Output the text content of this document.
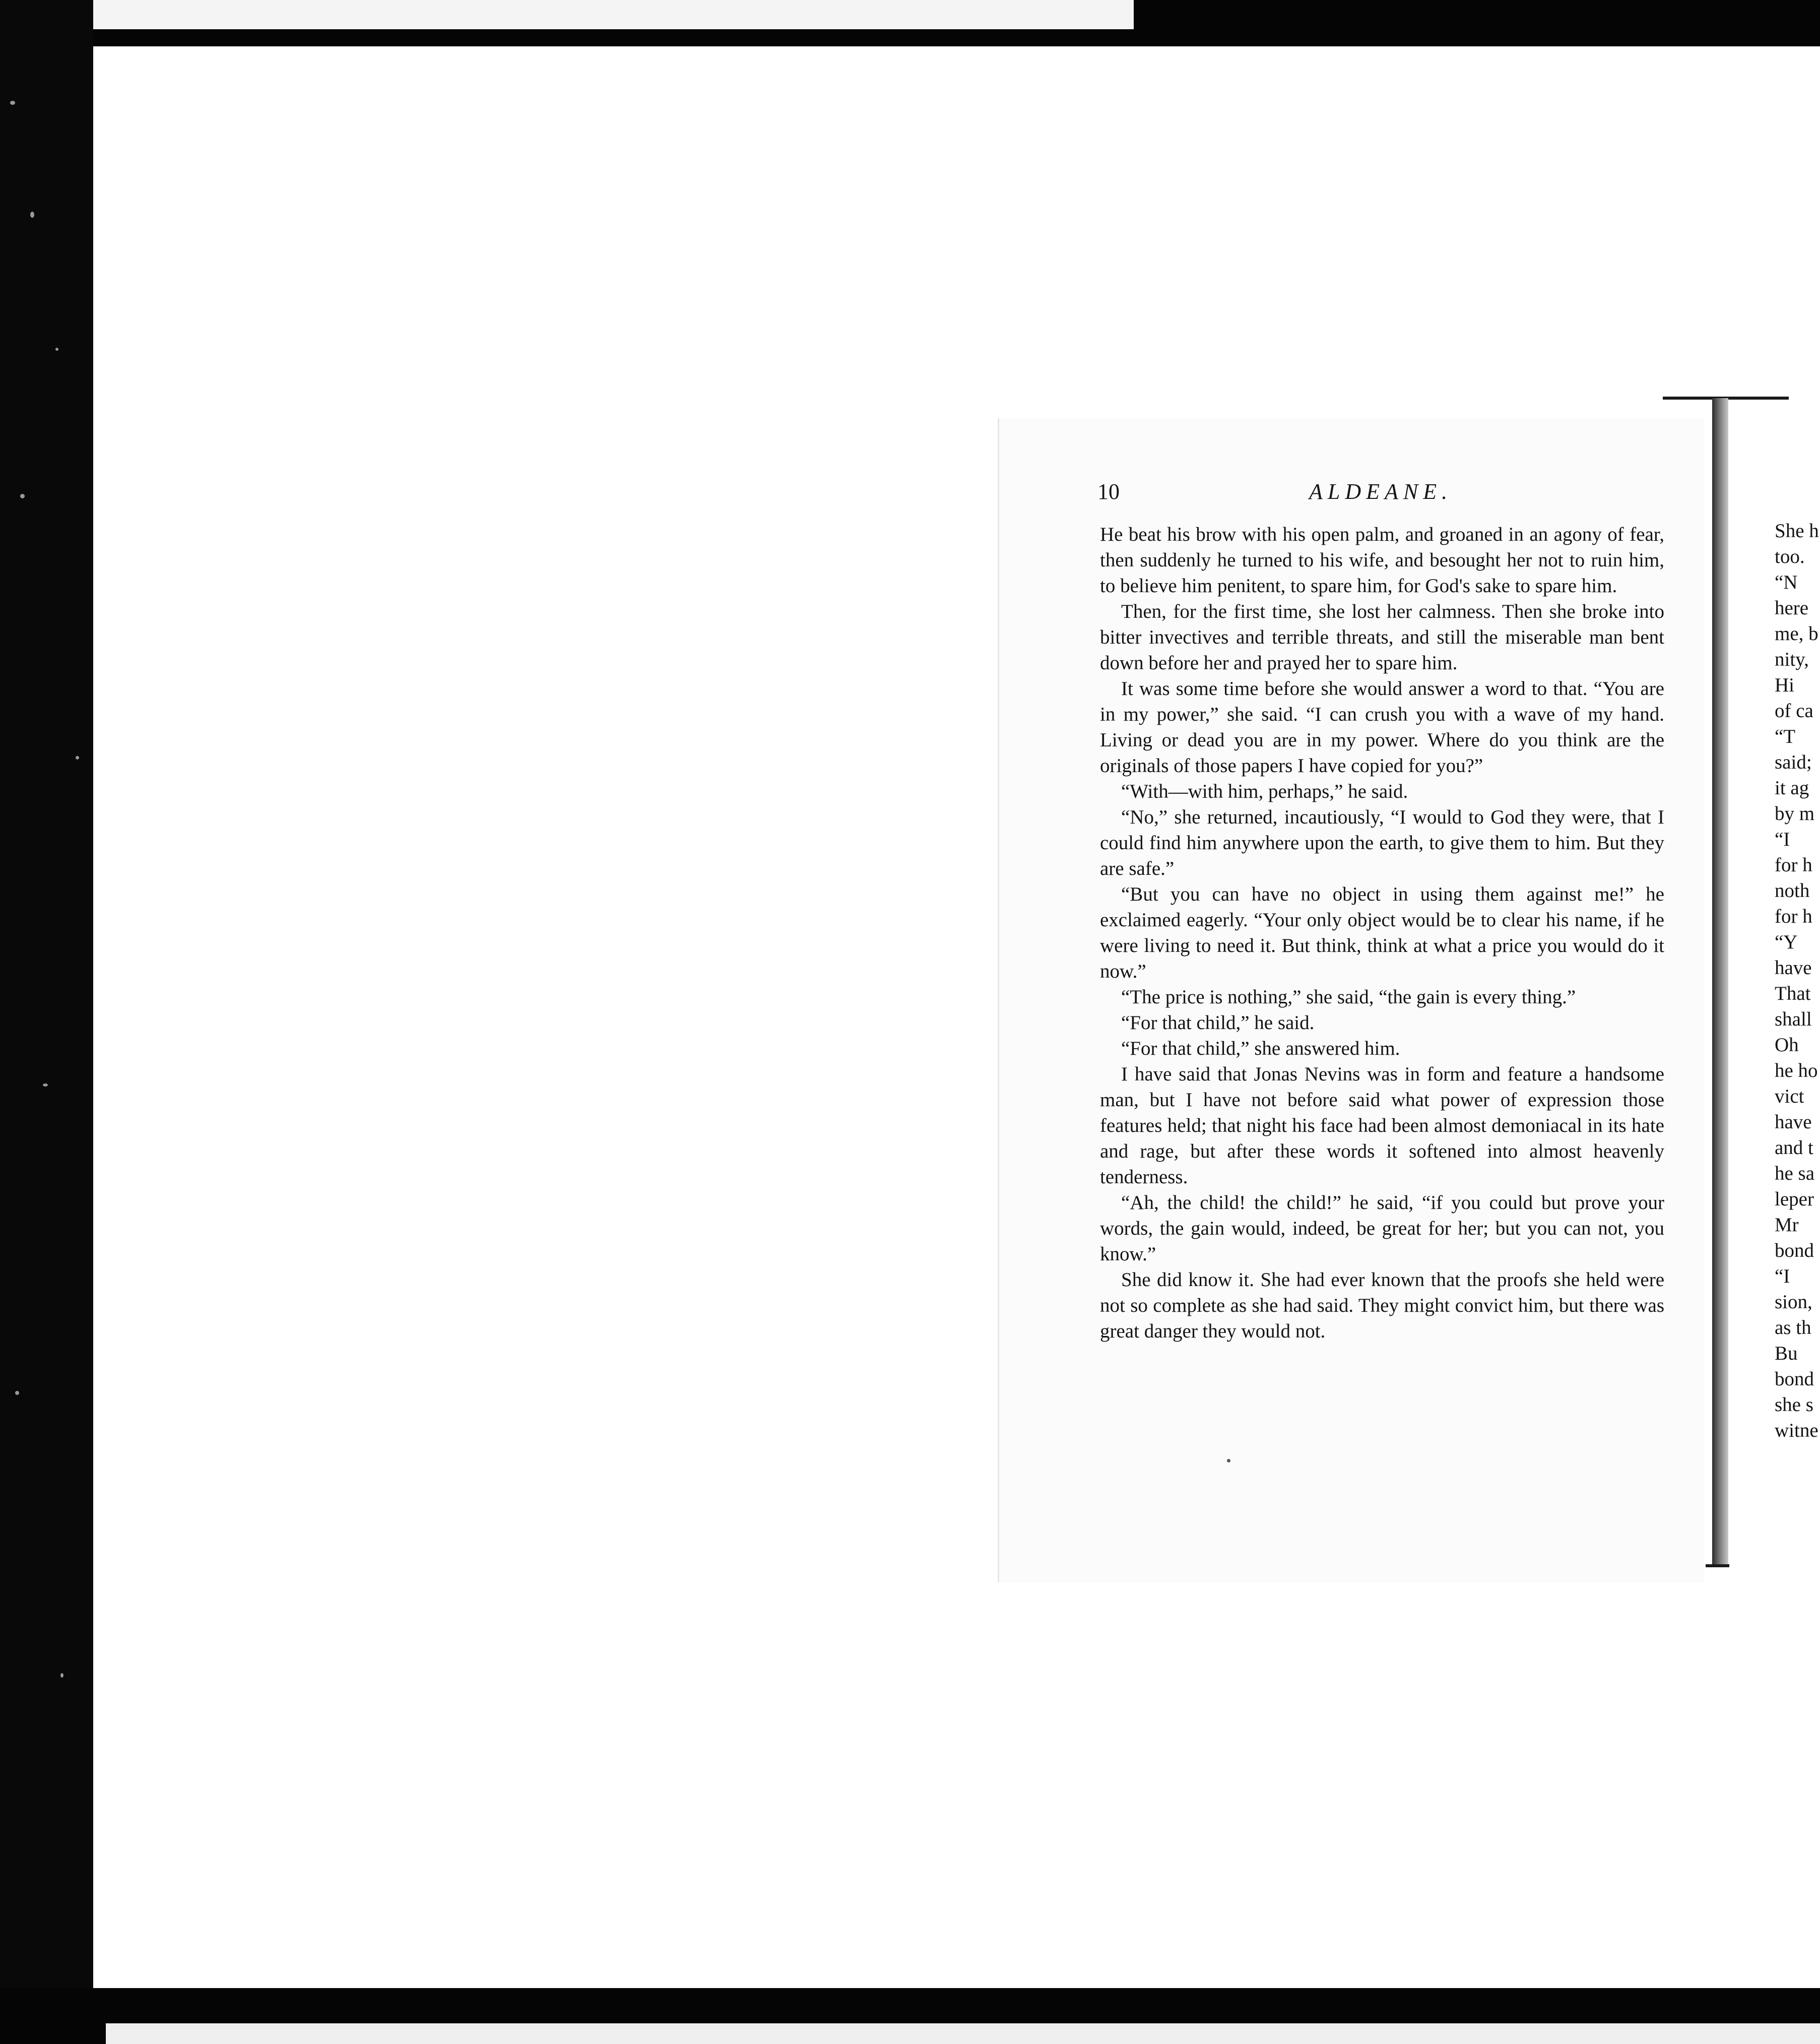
10	ALDEANE.

He beat his brow with his open palm, and groaned in an agony of fear, then suddenly he turned to his wife, and besought her not to ruin him, to believe him penitent, to spare him, for God's sake to spare him.

Then, for the first time, she lost her calmness. Then she broke into bitter invectives and terrible threats, and still the miserable man bent down before her and prayed her to spare him.

It was some time before she would answer a word to that. “You are in my power,” she said. “I can crush you with a wave of my hand. Living or dead you are in my power. Where do you think are the originals of those papers I have copied for you?”

“With—with him, perhaps,” he said.

“No,” she returned, incautiously, “I would to God they were, that I could find him anywhere upon the earth, to give them to him. But they are safe.”

“But you can have no object in using them against me!” he exclaimed eagerly. “Your only object would be to clear his name, if he were living to need it. But think, think at what a price you would do it now.”

“The price is nothing,” she said, “the gain is every thing.”

“For that child,” he said.

“For that child,” she answered him.

I have said that Jonas Nevins was in form and feature a handsome man, but I have not before said what power of expression those features held; that night his face had been almost demoniacal in its hate and rage, but after these words it softened into almost heavenly tenderness.

“Ah, the child! the child!” he said, “if you could but prove your words, the gain would, indeed, be great for her; but you can not, you know.”

She did know it. She had ever known that the proofs she held were not so complete as she had said. They might convict him, but there was great danger they would not.

She h
too.
“N
here
me, b
nity,
Hi
of ca
“T
said;
it ag
by m
“I
for h
noth
for h
“Y
have
That
shall
Oh
he ho
vict
have
and t
he sa
leper
Mr
bond
“I
sion,
as th
Bu
bond
she s
witne
